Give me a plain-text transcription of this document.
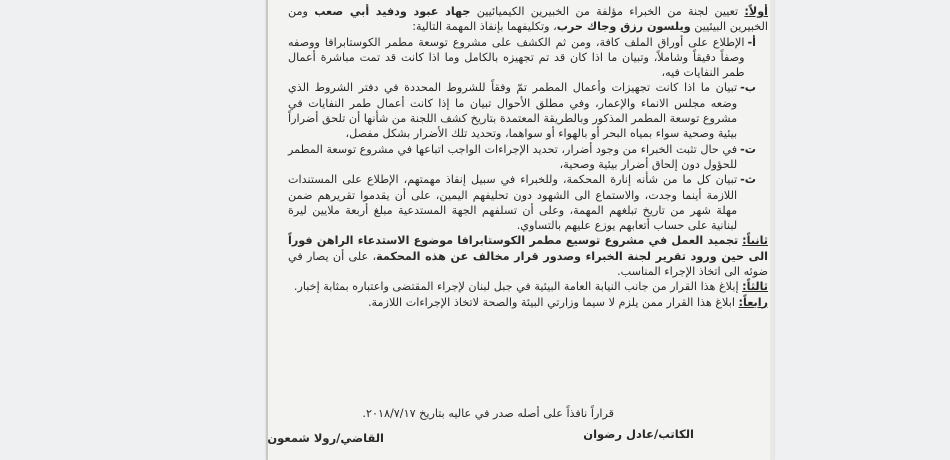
أولاً: تعيين لجنة من الخبراء مؤلفة من الخبيرين الكيميائيين جهاد عبود ودفيد أبي صعب ومن الخبيرين البيئيين ويلسون رزق وجاك حرب، وتكليفهما بإنفاذ المهمة التالية:

أ-
الإطلاع على أوراق الملف كافة، ومن ثم الكشف على مشروع توسعة مطمر الكوستابرافا ووصفه وصفاً دقيقاً وشاملاً، وتبيان ما اذا كان قد تم تجهيزه بالكامل وما اذا كانت قد تمت مباشرة أعمال طمر النفايات فيه،
ب-
تبيان ما اذا كانت تجهيزات وأعمال المطمر تمّ وفقاً للشروط المحددة في دفتر الشروط الذي وضعه مجلس الانماء والإعمار، وفي مطلق الأحوال تبيان ما إذا كانت أعمال طمر النفايات في مشروع توسعة المطمر المذكور وبالطريقة المعتمدة بتاريخ كشف اللجنة من شأنها أن تلحق أضراراً بيئية وصحية سواء بمياه البحر أو بالهواء أو سواهما، وتحديد تلك الأضرار بشكل مفصل،
ت-
في حال تثبت الخبراء من وجود أضرار، تحديد الإجراءات الواجب اتباعها في مشروع توسعة المطمر للحؤول دون إلحاق أضرار بيئية وصحية،
ث-
تبيان كل ما من شأنه إنارة المحكمة، وللخبراء في سبيل إنفاذ مهمتهم، الإطلاع على المستندات اللازمة أينما وجدت، والاستماع الى الشهود دون تحليفهم اليمين، على أن يقدموا تقريرهم ضمن مهلة شهر من تاريخ تبلغهم المهمة، وعلى أن تسلفهم الجهة المستدعية مبلغ أربعة ملايين ليرة لبنانية على حساب أتعابهم يوزع عليهم بالتساوي.

ثانياً: تجميد العمل في مشروع توسيع مطمر الكوستابرافا موضوع الاستدعاء الراهن فوراً الى حين ورود تقرير لجنة الخبراء وصدور قرار مخالف عن هذه المحكمة، على أن يصار في ضوئه الى اتخاذ الإجراء المناسب.

ثالثاً: إبلاغ هذا القرار من جانب النيابة العامة البيئية في جبل لبنان لإجراء المقتضى واعتباره بمثابة إخبار.

رابعاً: ابلاغ هذا القرار ممن يلزم لا سيما وزارتي البيئة والصحة لاتخاذ الإجراءات اللازمة.

قراراً نافذاً على أصله صدر في عاليه بتاريخ ٢٠١٨/٧/١٧.
الكاتب/عادل رضوان
القاضي/رولا شمعون
